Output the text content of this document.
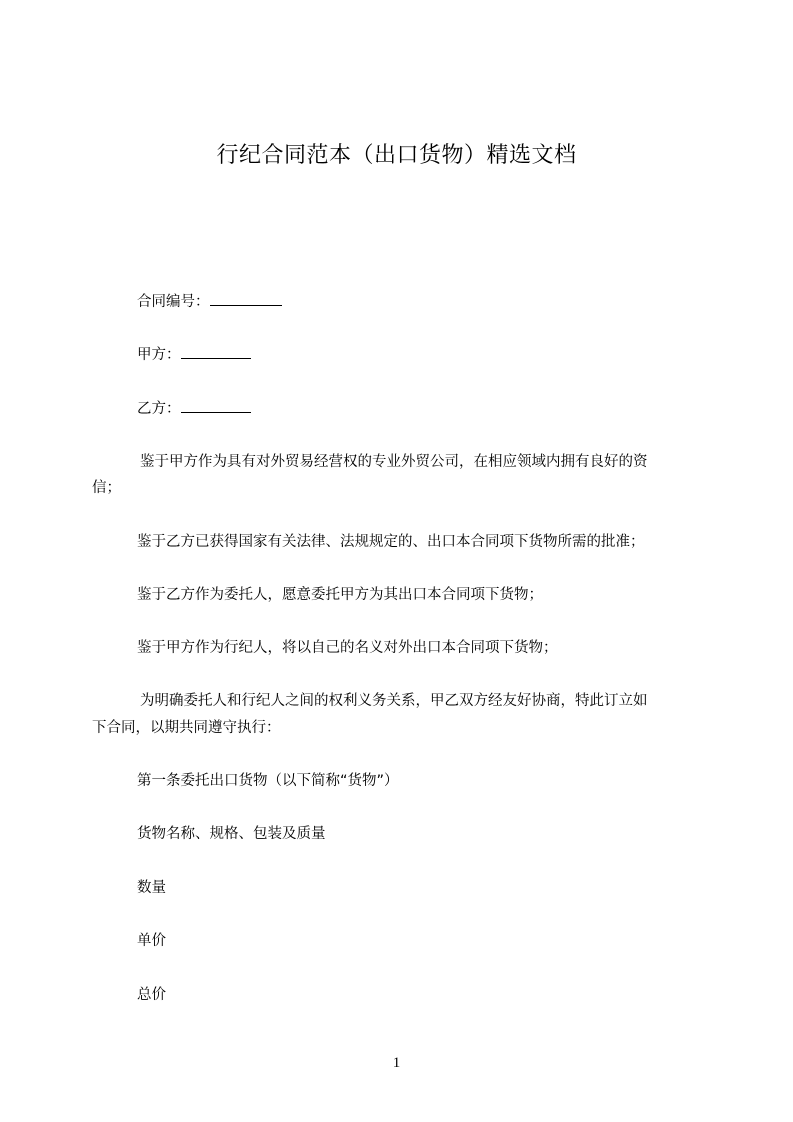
行纪合同范本（出口货物）精选文档
合同编号：
甲方：
乙方：
鉴于甲方作为具有对外贸易经营权的专业外贸公司，在相应领域内拥有良好的资
信；
鉴于乙方已获得国家有关法律、法规规定的、出口本合同项下货物所需的批准；
鉴于乙方作为委托人，愿意委托甲方为其出口本合同项下货物；
鉴于甲方作为行纪人，将以自己的名义对外出口本合同项下货物；
为明确委托人和行纪人之间的权利义务关系，甲乙双方经友好协商，特此订立如
下合同，以期共同遵守执行：
第一条委托出口货物（以下简称“货物”）
货物名称、规格、包装及质量
数量
单价
总价
1
